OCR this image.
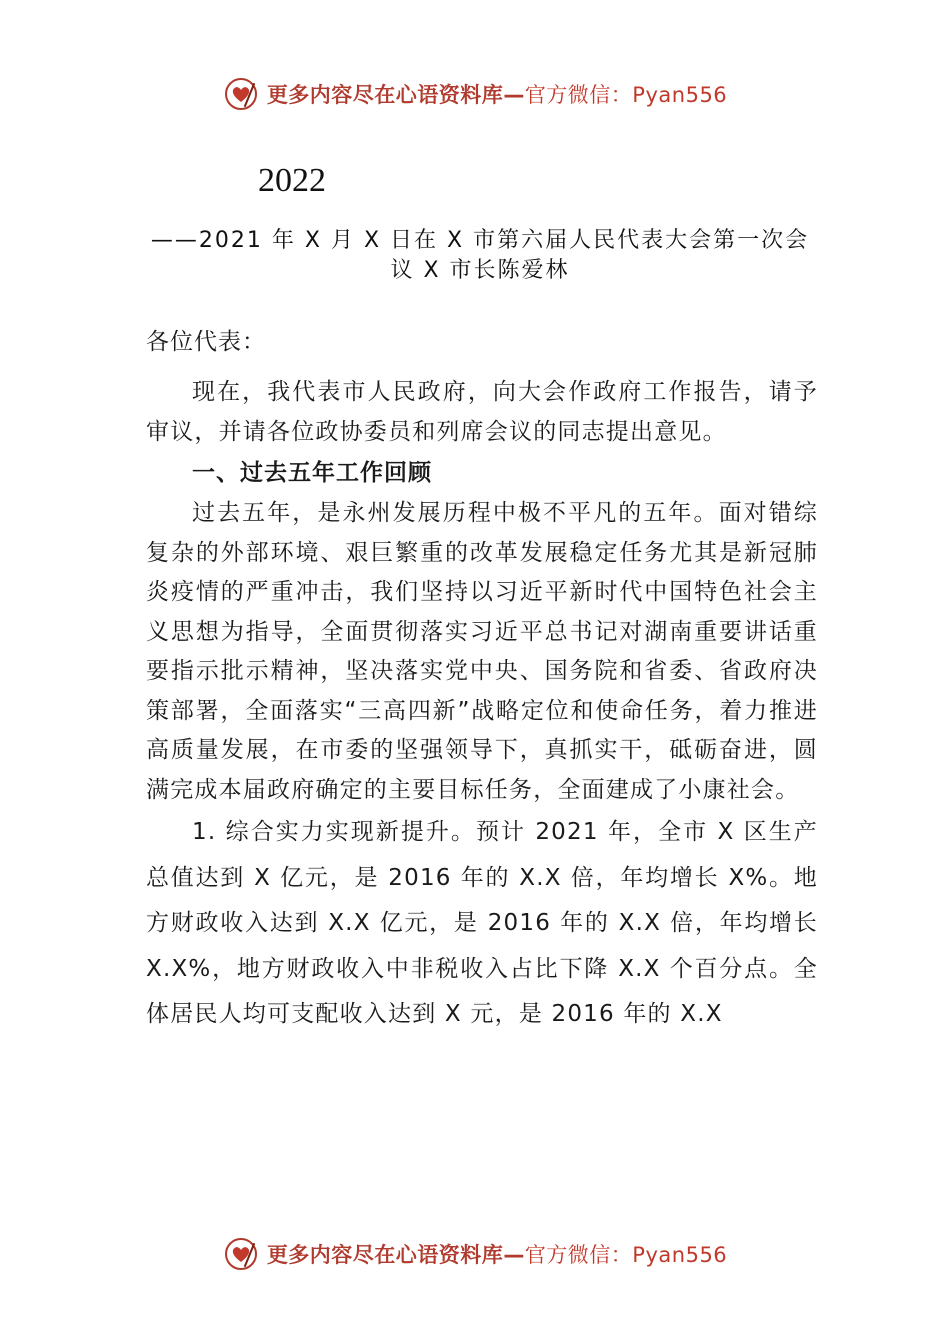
更多内容尽在心语资料库—官方微信：Pyan556
2022
——2021 年 X 月 X 日在 X 市第六届人民代表大会第一次会议 X 市长陈爱林

各位代表：

现在，我代表市人民政府，向大会作政府工作报告，请予审议，并请各位政协委员和列席会议的同志提出意见。

一、过去五年工作回顾

过去五年，是永州发展历程中极不平凡的五年。面对错综复杂的外部环境、艰巨繁重的改革发展稳定任务尤其是新冠肺炎疫情的严重冲击，我们坚持以习近平新时代中国特色社会主义思想为指导，全面贯彻落实习近平总书记对湖南重要讲话重要指示批示精神，坚决落实党中央、国务院和省委、省政府决策部署，全面落实“三高四新”战略定位和使命任务，着力推进高质量发展，在市委的坚强领导下，真抓实干，砥砺奋进，圆满完成本届政府确定的主要目标任务，全面建成了小康社会。

1. 综合实力实现新提升。预计 2021 年，全市 X 区生产总值达到 X 亿元，是 2016 年的 X.X 倍，年均增长 X%。地方财政收入达到 X.X 亿元，是 2016 年的 X.X 倍，年均增长 X.X%，地方财政收入中非税收入占比下降 X.X 个百分点。全体居民人均可支配收入达到 X 元，是 2016 年的 X.X

更多内容尽在心语资料库—官方微信：Pyan556
